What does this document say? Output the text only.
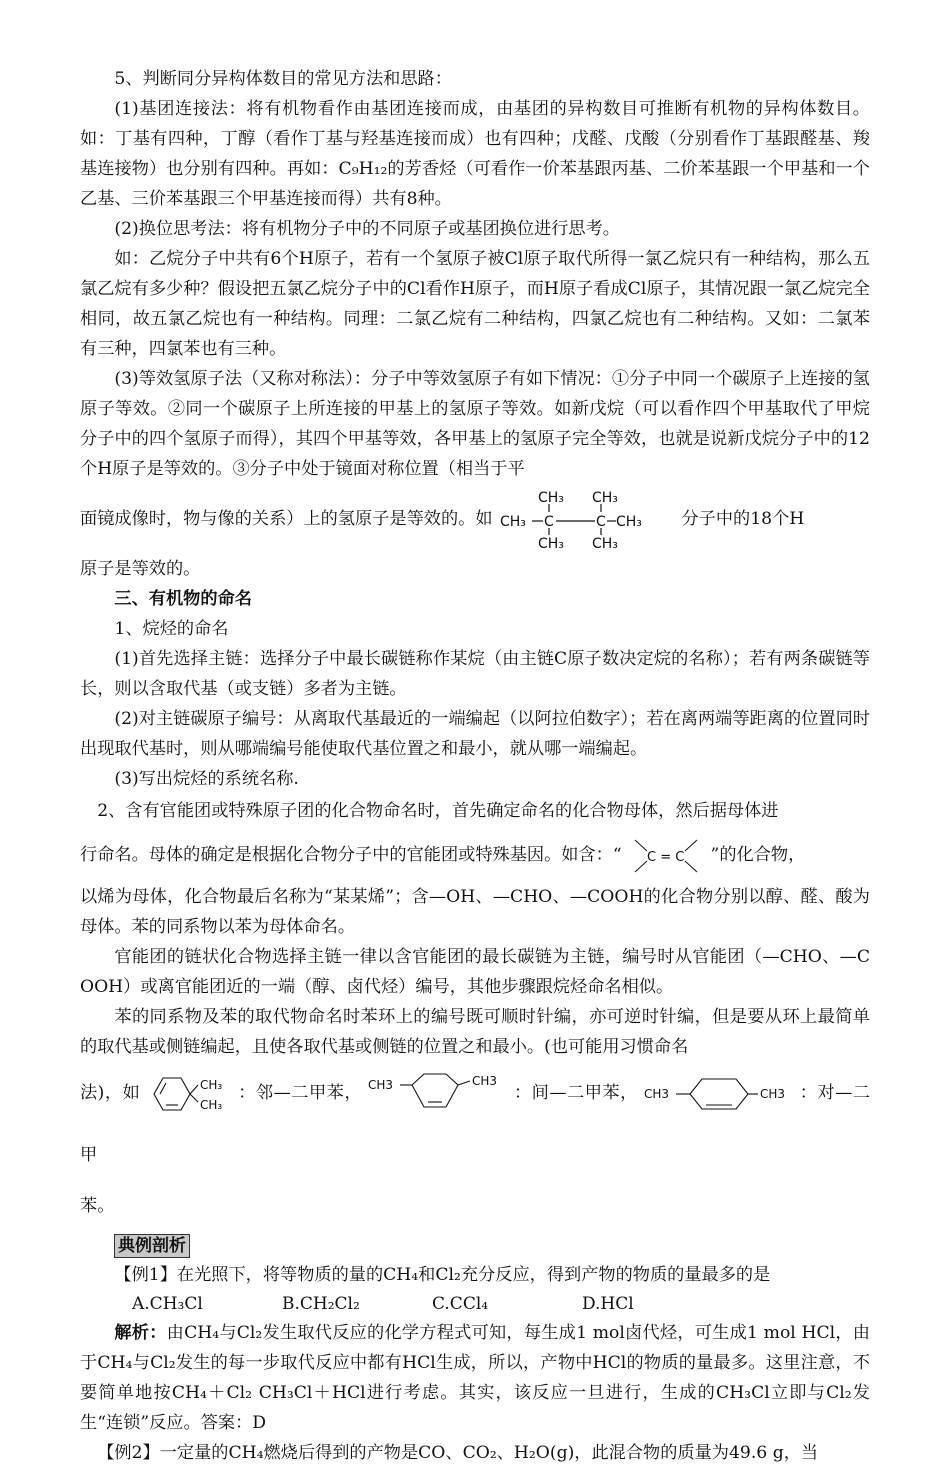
5、判断同分异构体数目的常见方法和思路：

(1)基团连接法：将有机物看作由基团连接而成，由基团的异构数目可推断有机物的异构体数目。如：丁基有四种，丁醇（看作丁基与羟基连接而成）也有四种；戊醛、戊酸（分别看作丁基跟醛基、羧基连接物）也分别有四种。再如：C₉H₁₂的芳香烃（可看作一价苯基跟丙基、二价苯基跟一个甲基和一个乙基、三价苯基跟三个甲基连接而得）共有8种。

(2)换位思考法：将有机物分子中的不同原子或基团换位进行思考。

如：乙烷分子中共有6个H原子，若有一个氢原子被Cl原子取代所得一氯乙烷只有一种结构，那么五氯乙烷有多少种？假设把五氯乙烷分子中的Cl看作H原子，而H原子看成Cl原子，其情况跟一氯乙烷完全相同，故五氯乙烷也有一种结构。同理：二氯乙烷有二种结构，四氯乙烷也有二种结构。又如：二氯苯有三种，四氯苯也有三种。

(3)等效氢原子法（又称对称法）：分子中等效氢原子有如下情况：①分子中同一个碳原子上连接的氢原子等效。②同一个碳原子上所连接的甲基上的氢原子等效。如新戊烷（可以看作四个甲基取代了甲烷分子中的四个氢原子而得），其四个甲基等效，各甲基上的氢原子完全等效，也就是说新戊烷分子中的12个H原子是等效的。③分子中处于镜面对称位置（相当于平

面镜成像时，物与像的关系）上的氢原子是等效的。如 CH₃ C
CH₃
CH₃
C
CH₃
CH₃
CH₃ 分子中的18个H

原子是等效的。

三、有机物的命名

1、烷烃的命名

(1)首先选择主链：选择分子中最长碳链称作某烷（由主链C原子数决定烷的名称）；若有两条碳链等长，则以含取代基（或支链）多者为主链。

(2)对主链碳原子编号：从离取代基最近的一端编起（以阿拉伯数字）；若在离两端等距离的位置同时出现取代基时，则从哪端编号能使取代基位置之和最小，就从哪一端编起。

(3)写出烷烃的系统名称.

2、含有官能团或特殊原子团的化合物命名时，首先确定命名的化合物母体，然后据母体进

行命名。母体的确定是根据化合物分子中的官能团或特殊基因。如含：“ C = C ”的化合物，

以烯为母体，化合物最后名称为“某某烯”；含—OH、—CHO、—COOH的化合物分别以醇、醛、酸为母体。苯的同系物以苯为母体命名。

官能团的链状化合物选择主链一律以含官能团的最长碳链为主链，编号时从官能团（—CHO、—COOH）或离官能团近的一端（醇、卤代烃）编号，其他步骤跟烷烃命名相似。

苯的同系物及苯的取代物命名时苯环上的编号既可顺时针编，亦可逆时针编，但是要从环上最简单的取代基或侧链编起，且使各取代基或侧链的位置之和最小。(也可能用习惯命名

法)，如	CH₃
CH₃
：邻—二甲苯， CH3	CH3
：间—二甲苯， CH3	CH3 ：对—二甲

苯。

典例剖析

【例1】在光照下，将等物质的量的CH₄和Cl₂充分反应，得到产物的物质的量最多的是

A.CH₃Cl	B.CH₂Cl₂	C.CCl₄	D.HCl

解析：由CH₄与Cl₂发生取代反应的化学方程式可知，每生成1 mol卤代烃，可生成1 mol HCl，由于CH₄与Cl₂发生的每一步取代反应中都有HCl生成，所以，产物中HCl的物质的量最多。这里注意，不要简单地按CH₄＋Cl₂ CH₃Cl＋HCl进行考虑。其实，该反应一旦进行，生成的CH₃Cl立即与Cl₂发生“连锁”反应。答案：D

【例2】一定量的CH₄燃烧后得到的产物是CO、CO₂、H₂O(g)，此混合物的质量为49.6 g，当
